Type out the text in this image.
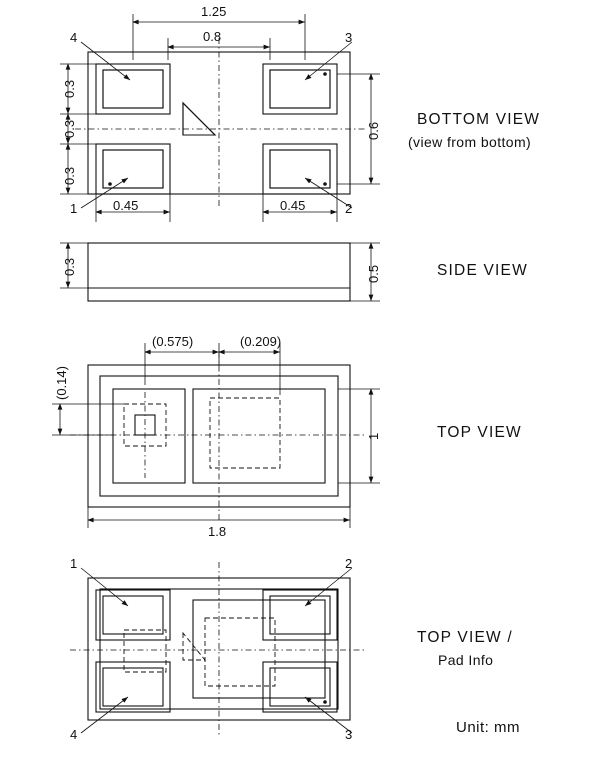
1.25
0.8
0.3
0.3
0.3
0.6
0.45	0.45
4	3
1	2
BOTTOM VIEW
(view from bottom)
0.3	0.5	SIDE VIEW
(0.575)	(0.209)
(0.14)
1
1.8
TOP VIEW
1	2
4	3
TOP VIEW /
Pad Info
Unit: mm
